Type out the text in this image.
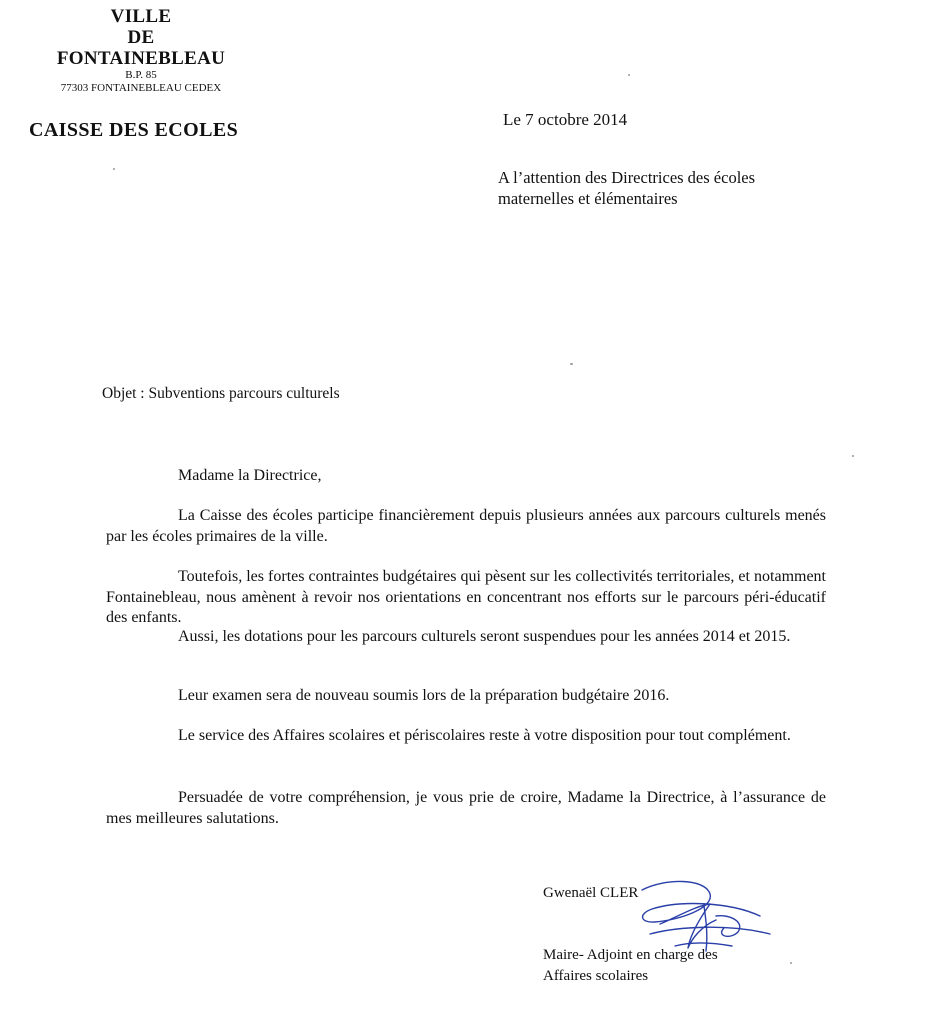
VILLE
DE
FONTAINEBLEAU
B.P. 85
77303 FONTAINEBLEAU CEDEX
CAISSE DES ECOLES	Le 7 octobre 2014
A l’attention des Directrices des écoles
maternelles et élémentaires
Objet : Subventions parcours culturels
Madame la Directrice,

La Caisse des écoles participe financièrement depuis plusieurs années aux parcours culturels menés par les écoles primaires de la ville.

Toutefois, les fortes contraintes budgétaires qui pèsent sur les collectivités territoriales, et notamment Fontainebleau, nous amènent à revoir nos orientations en concentrant nos efforts sur le parcours péri-éducatif des enfants.

Aussi, les dotations pour les parcours culturels seront suspendues pour les années 2014 et 2015.

Leur examen sera de nouveau soumis lors de la préparation budgétaire 2016.

Le service des Affaires scolaires et périscolaires reste à votre disposition pour tout complément.

Persuadée de votre compréhension, je vous prie de croire, Madame la Directrice, à l’assurance de mes meilleures salutations.

Gwenaël CLER
Maire- Adjoint en charge des
Affaires scolaires
